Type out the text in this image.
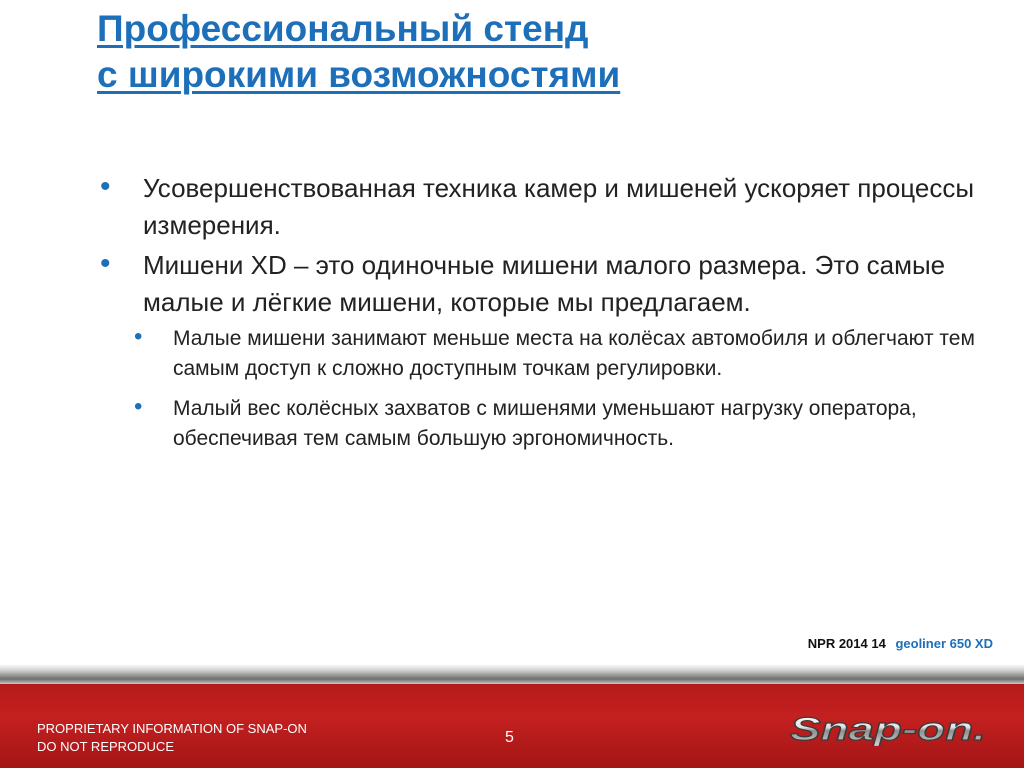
Профессиональный стенд
с широкими возможностями
• Усовершенствованная техника камер и мишеней ускоряет процессы измерения.
• Мишени XD – это одиночные мишени малого размера. Это самые малые и лёгкие мишени, которые мы предлагаем.
• Малые мишени занимают меньше места на колёсах автомобиля и облегчают тем самым доступ к сложно доступным точкам регулировки.
• Малый вес колёсных захватов с мишенями уменьшают нагрузку оператора, обеспечивая тем самым большую эргономичность.
NPR 2014 14 geoliner 650 XD
PROPRIETARY INFORMATION OF SNAP-ON
DO NOT REPRODUCE
5	Snap-on.
